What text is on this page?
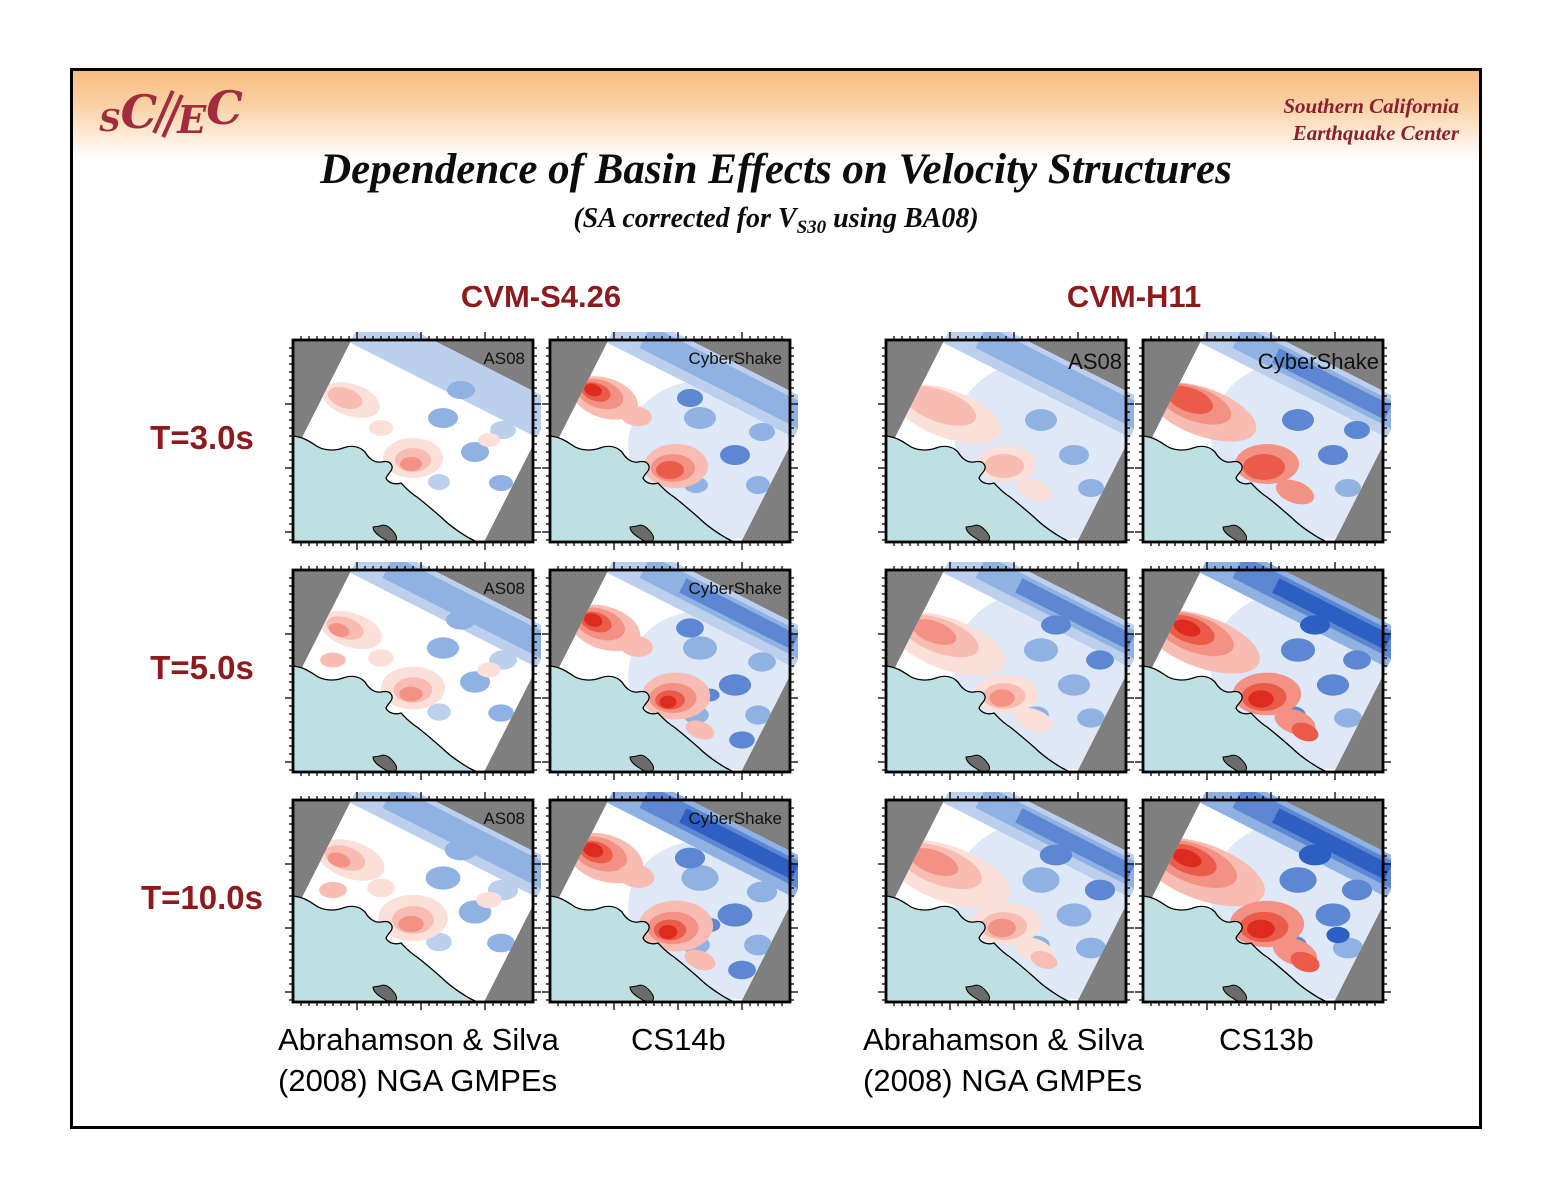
S C E C	Southern California
Earthquake Center
Dependence of Basin Effects on Velocity Structures
(SA corrected for $V_{S30}$ using BA08)
CVM-S4.26	CVM-H11
T=3.0s
T=5.0s
T=10.0s
Abrahamson & Silva (2008) NGA GMPEs
CS14b	Abrahamson & Silva (2008) NGA GMPEs
CS13b
AS08	CyberShake	AS08	CyberShake
AS08	CyberShake
AS08	CyberShake
